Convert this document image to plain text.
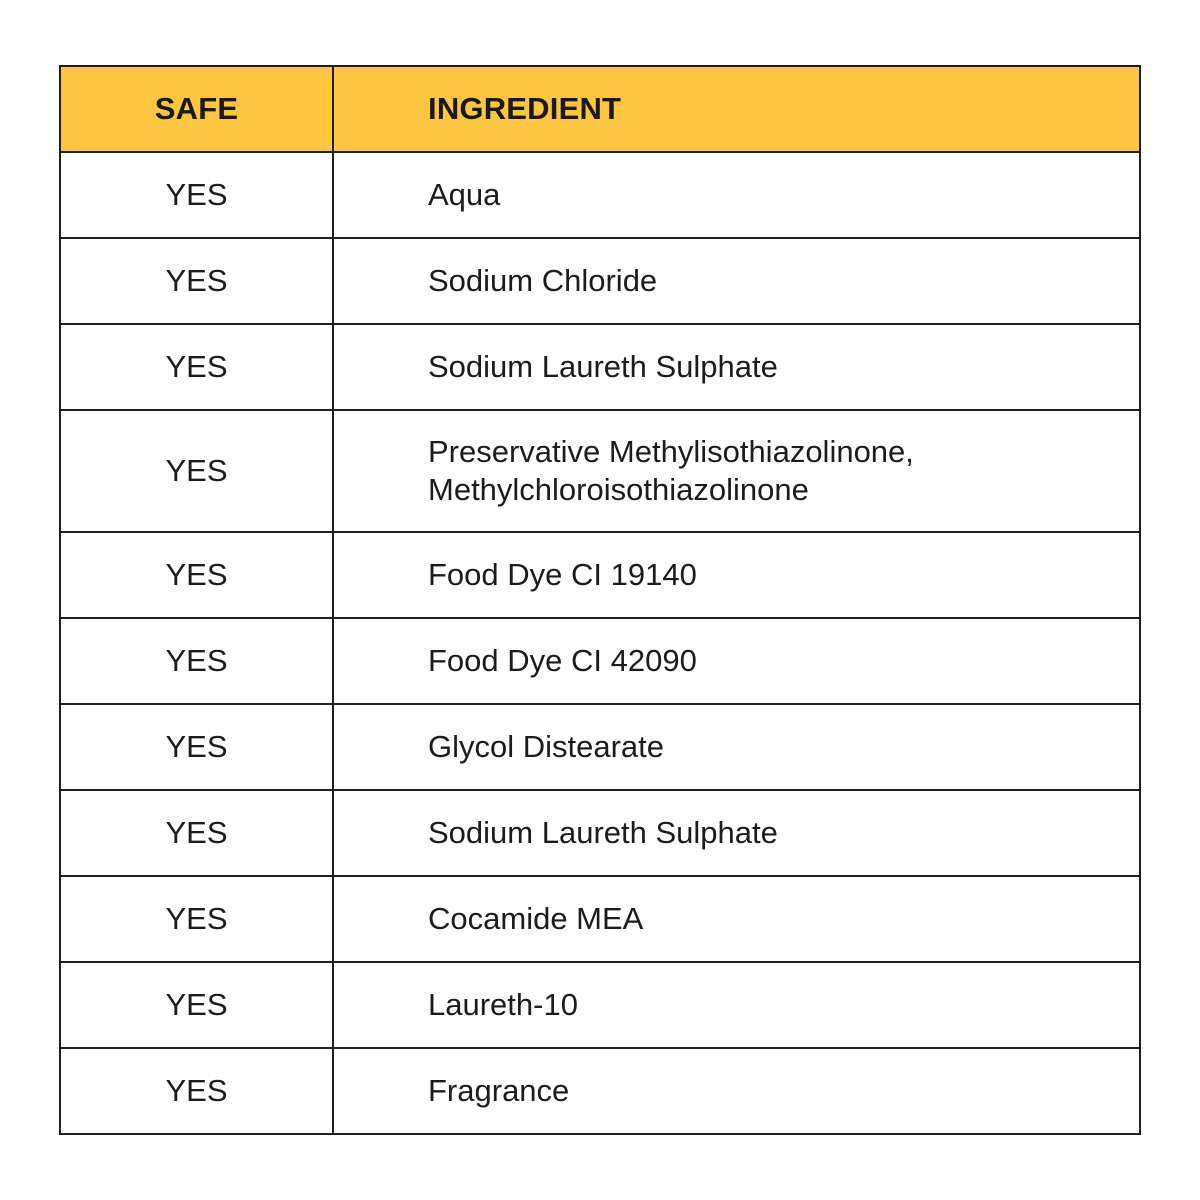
SAFE	INGREDIENT
YES	Aqua
YES	Sodium Chloride
YES	Sodium Laureth Sulphate
YES	Preservative Methylisothiazolinone,
Methylchloroisothiazolinone

YES	Food Dye CI 19140
YES	Food Dye CI 42090
YES	Glycol Distearate
YES	Sodium Laureth Sulphate
YES	Cocamide MEA
YES	Laureth-10
YES	Fragrance
